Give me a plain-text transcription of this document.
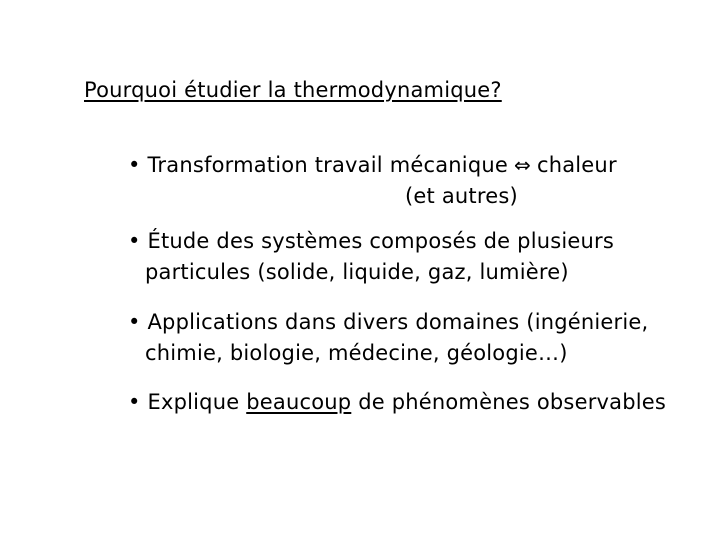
Pourquoi étudier la thermodynamique?
• Transformation travail mécanique ⇔ chaleur
(et autres)
• Étude des systèmes composés de plusieurs
particules (solide, liquide, gaz, lumière)
• Applications dans divers domaines (ingénierie,
chimie, biologie, médecine, géologie…)
• Explique beaucoup de phénomènes observables
